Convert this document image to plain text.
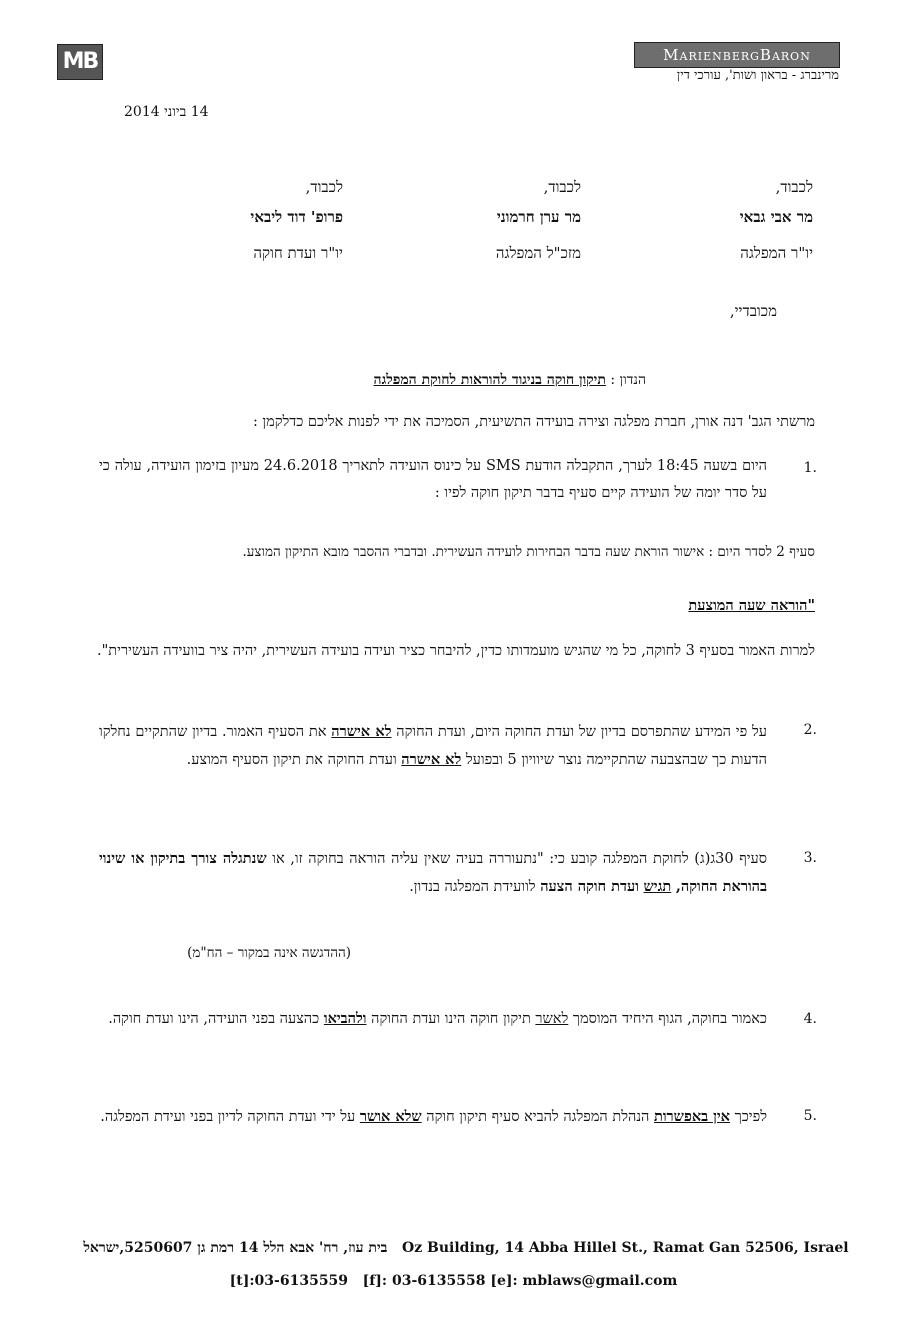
MB	MarienbergBaron
מרינברג - בראון ושות', עורכי דין
14 ביוני 2014
לכבוד,
מר אבי גבאי
יו"ר המפלגה
לכבוד,
מר ערן חרמוני
מזכ"ל המפלגה
לכבוד,
פרופ' דוד ליבאי
יו"ר ועדת חוקה
מכובדיי,
הנדון : תיקון חוקה בניגוד להוראות לחוקת המפלגה
מרשתי הגב' דנה אורן, חברת מפלגה וצירה בועידה התשיעית, הסמיכה את ידי לפנות אליכם כדלקמן :
1.
היום בשעה 18:45 לערך, התקבלה הודעת SMS על כינוס הועידה לתאריך 24.6.2018 מעיון בזימון הועידה, עולה כי על סדר יומה של הועידה קיים סעיף בדבר תיקון חוקה לפיו :
סעיף 2 לסדר היום : אישור הוראת שעה בדבר הבחירות לועידה העשירית. ובדברי ההסבר מובא התיקון המוצע.
"הוראה שעה המוצעת
למרות האמור בסעיף 3 לחוקה, כל מי שהגיש מועמדותו כדין, להיבחר כציר ועידה בועידה העשירית, יהיה ציר בוועידה העשירית".
2.
על פי המידע שהתפרסם בדיון של ועדת החוקה היום, ועדת החוקה לא אישרה את הסעיף האמור. בדיון שהתקיים נחלקו הדעות כך שבהצבעה שהתקיימה נוצר שיוויון 5 ובפועל לא אישרה ועדת החוקה את תיקון הסעיף המוצע.
3.
סעיף 30ג(ג) לחוקת המפלגה קובע כי: "נתעוררה בעיה שאין עליה הוראה בחוקה זו, או שנתגלה צורך בתיקון או שינוי בהוראת החוקה, תגיש ועדת חוקה הצעה לוועידת המפלגה בנדון.
(ההדגשה אינה במקור – הח"מ)
4.
כאמור בחוקה, הגוף היחיד המוסמך לאשר תיקון חוקה הינו ועדת החוקה ולהביאו כהצעה בפני הועידה, הינו ועדת חוקה.
5.
לפיכך אין באפשרות הנהלת המפלגה להביא סעיף תיקון חוקה שלא אושר על ידי ועדת החוקה לדיון בפני ועידת המפלגה.
בית עוז, רח' אבא הלל 14 רמת גן 5250607,ישראל Oz Building, 14 Abba Hillel St., Ramat Gan 52506, Israel
[t]:03-6135559   [f]: 03-6135558 [e]: mblaws@gmail.com
